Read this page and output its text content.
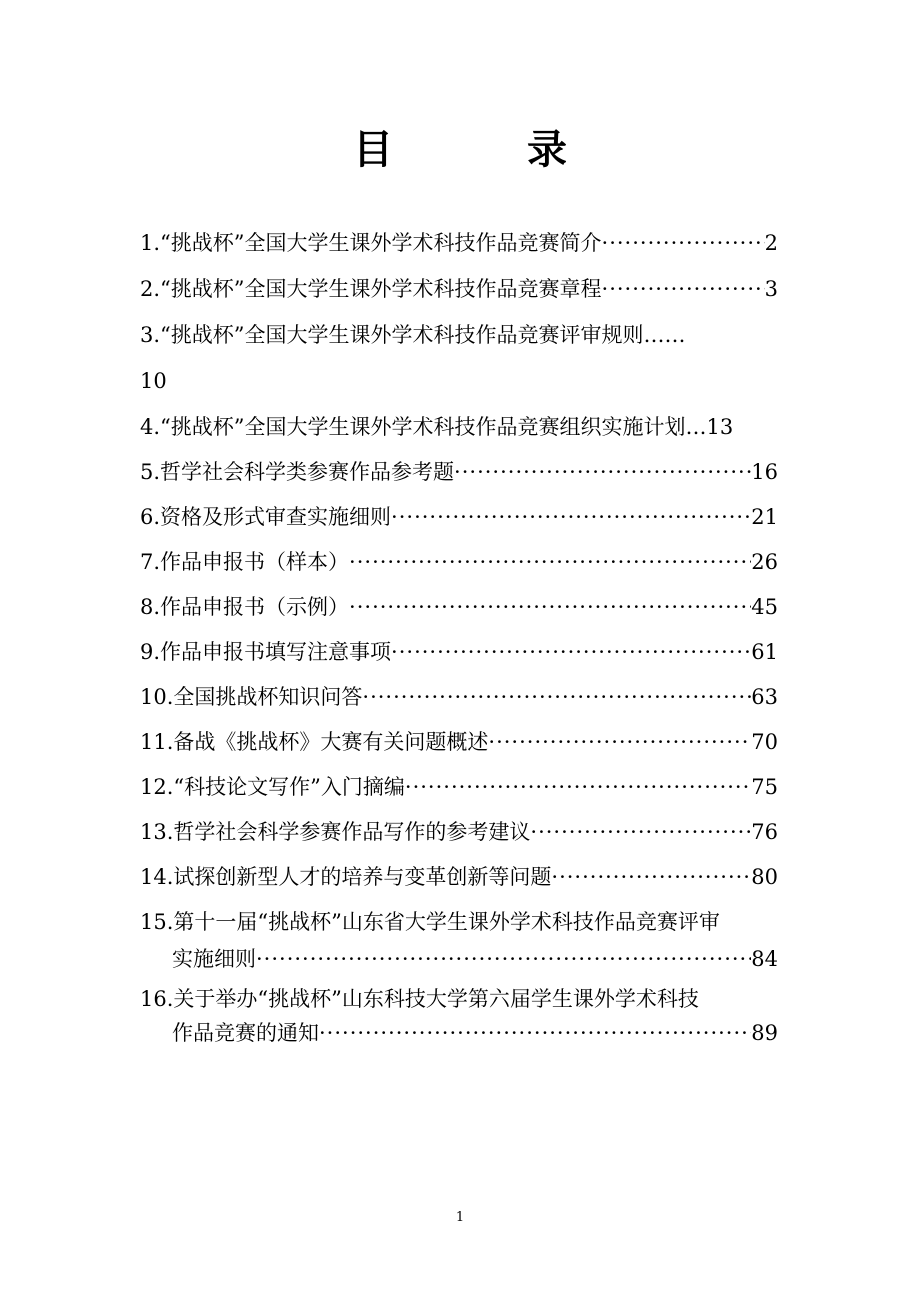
目 录
1. “挑战杯”全国大学生课外学术科技作品竞赛简介 ·····	2
2. “挑战杯”全国大学生课外学术科技作品竞赛章程 ·····	3
3. “挑战杯”全国大学生课外学术科技作品竞赛评审规则……
10
4. “挑战杯”全国大学生课外学术科技作品竞赛组织实施计划… 13
5. 哲学社会科学类参赛作品参考题 ·····	16
6. 资格及形式审查实施细则 ·····	21
7. 作品申报书（样本） ·····	26
8. 作品申报书（示例） ·····	45
9. 作品申报书填写注意事项 ·····	61
10. 全国挑战杯知识问答 ·····	63
11. 备战《挑战杯》大赛有关问题概述 ·····	70
12. “科技论文写作”入门摘编 ·····	75
13. 哲学社会科学参赛作品写作的参考建议 ·····	76
14. 试探创新型人才的培养与变革创新等问题 ·····	80
15. 第十一届“挑战杯”山东省大学生课外学术科技作品竞赛评审
实施细则 ·····	84
16. 关于举办“挑战杯”山东科技大学第六届学生课外学术科技
作品竞赛的通知 ·····	89
1
